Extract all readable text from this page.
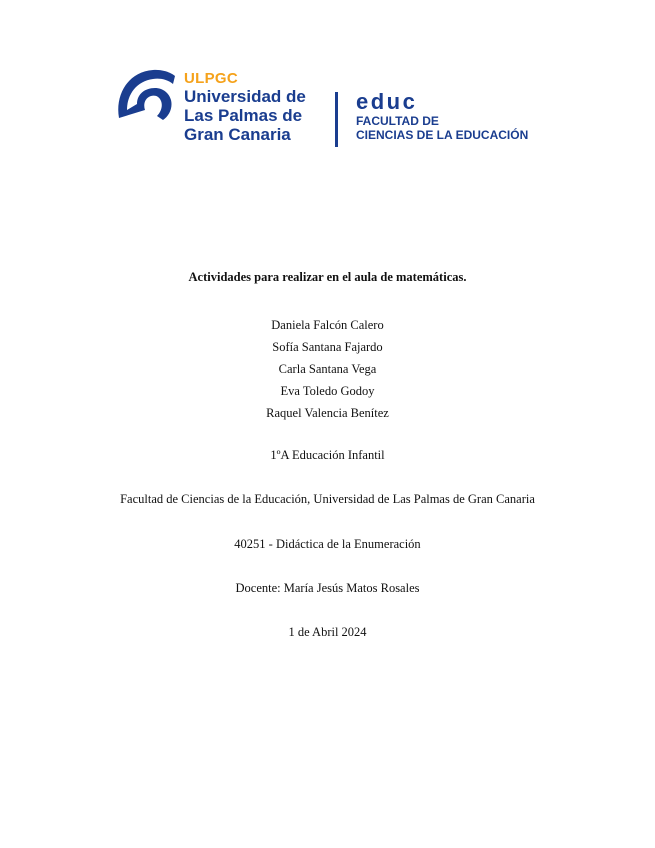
ULPGC
Universidad de
Las Palmas de
Gran Canaria
educ
FACULTAD DE
CIENCIAS DE LA EDUCACIÓN
Actividades para realizar en el aula de matemáticas.
Daniela Falcón Calero
Sofía Santana Fajardo
Carla Santana Vega
Eva Toledo Godoy
Raquel Valencia Benítez
1ºA Educación Infantil
Facultad de Ciencias de la Educación, Universidad de Las Palmas de Gran Canaria
40251 - Didáctica de la Enumeración
Docente: María Jesús Matos Rosales
1 de Abril 2024
